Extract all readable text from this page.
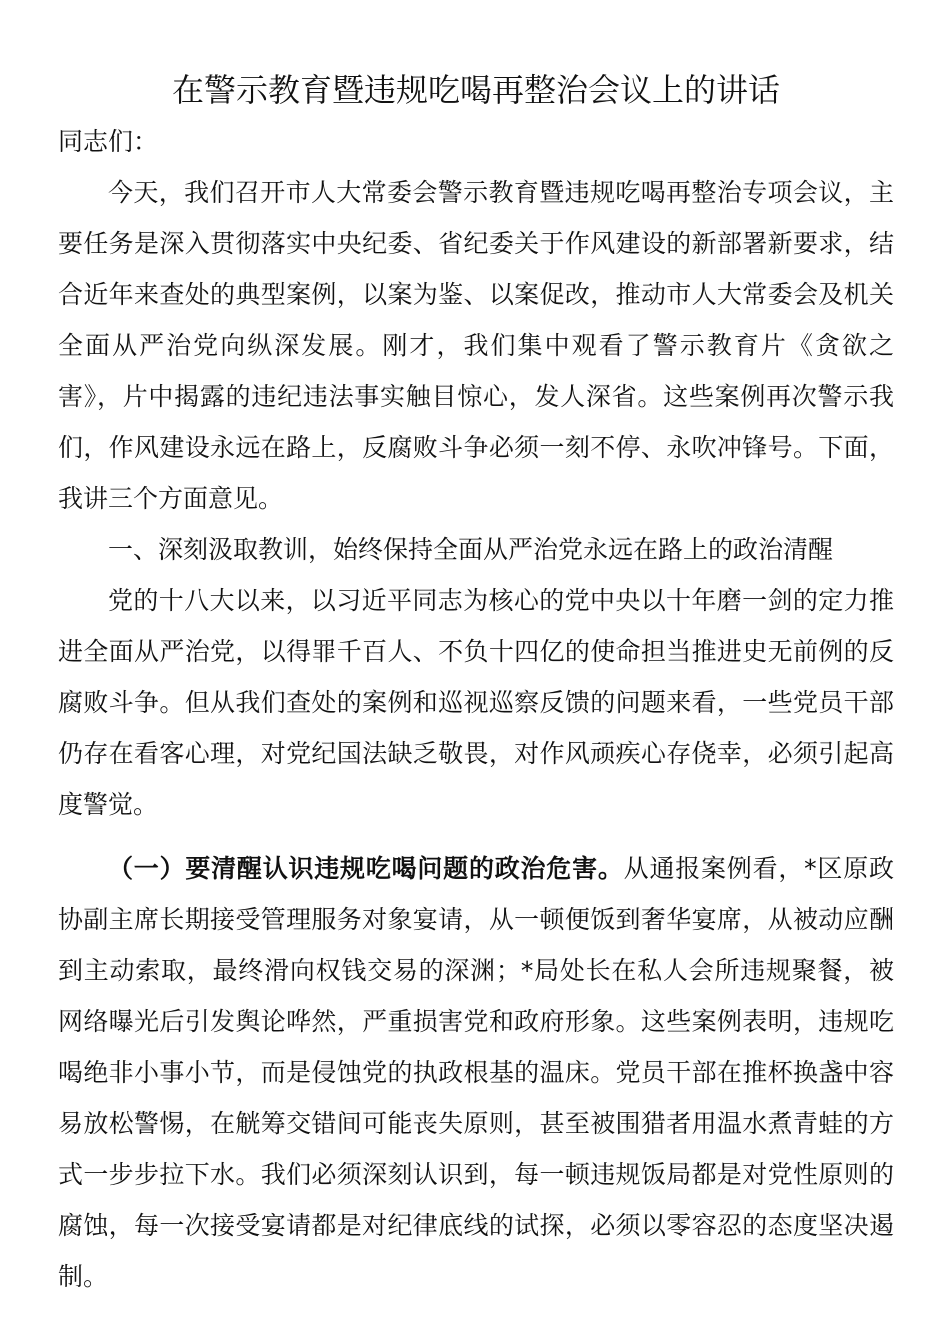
在警示教育暨违规吃喝再整治会议上的讲话

同志们：

今天，我们召开市人大常委会警示教育暨违规吃喝再整治专项会议，主要任务是深入贯彻落实中央纪委、省纪委关于作风建设的新部署新要求，结合近年来查处的典型案例，以案为鉴、以案促改，推动市人大常委会及机关全面从严治党向纵深发展。刚才，我们集中观看了警示教育片《贪欲之害》，片中揭露的违纪违法事实触目惊心，发人深省。这些案例再次警示我们，作风建设永远在路上，反腐败斗争必须一刻不停、永吹冲锋号。下面，我讲三个方面意见。

一、深刻汲取教训，始终保持全面从严治党永远在路上的政治清醒

党的十八大以来，以习近平同志为核心的党中央以十年磨一剑的定力推进全面从严治党，以得罪千百人、不负十四亿的使命担当推进史无前例的反腐败斗争。但从我们查处的案例和巡视巡察反馈的问题来看，一些党员干部仍存在看客心理，对党纪国法缺乏敬畏，对作风顽疾心存侥幸，必须引起高度警觉。

（一）要清醒认识违规吃喝问题的政治危害。从通报案例看，*区原政协副主席长期接受管理服务对象宴请，从一顿便饭到奢华宴席，从被动应酬到主动索取，最终滑向权钱交易的深渊；*局处长在私人会所违规聚餐，被网络曝光后引发舆论哗然，严重损害党和政府形象。这些案例表明，违规吃喝绝非小事小节，而是侵蚀党的执政根基的温床。党员干部在推杯换盏中容易放松警惕，在觥筹交错间可能丧失原则，甚至被围猎者用温水煮青蛙的方式一步步拉下水。我们必须深刻认识到，每一顿违规饭局都是对党性原则的腐蚀，每一次接受宴请都是对纪律底线的试探，必须以零容忍的态度坚决遏制。
